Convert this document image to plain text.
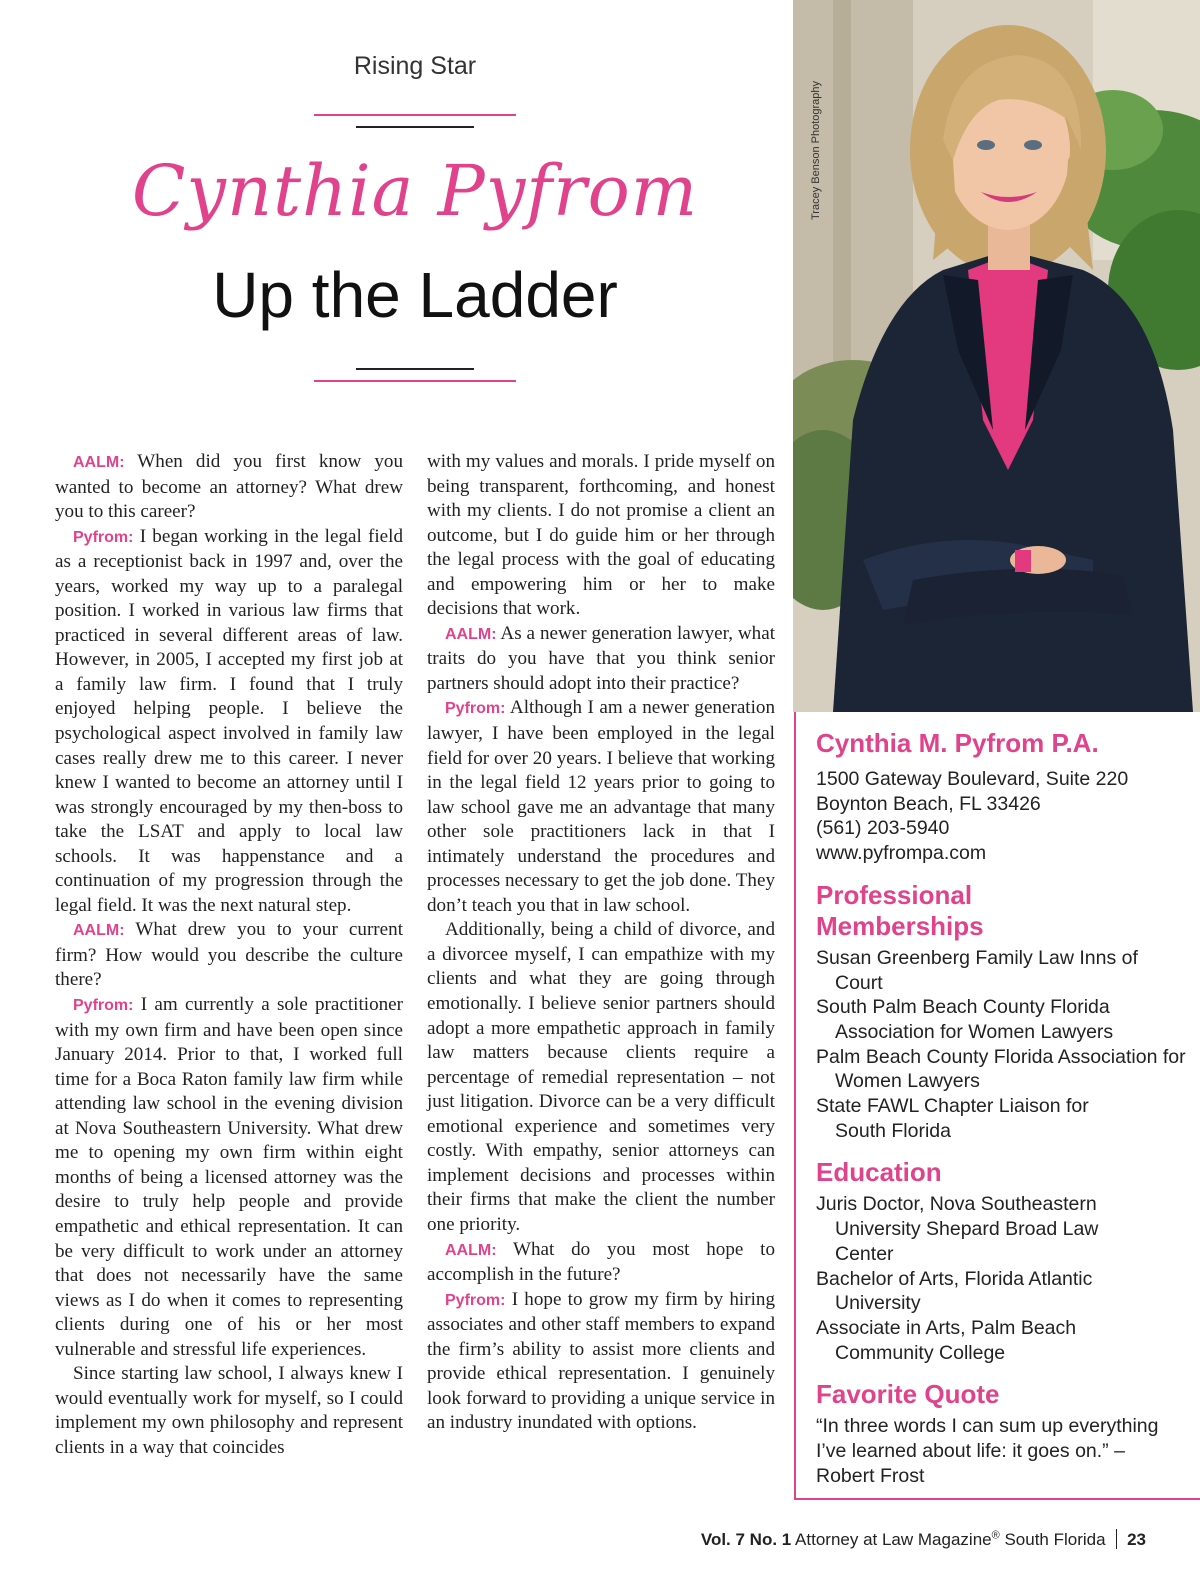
Rising Star
Cynthia Pyfrom
Up the Ladder

AALM: When did you first know you wanted to become an attorney? What drew you to this career?

Pyfrom: I began working in the legal field as a receptionist back in 1997 and, over the years, worked my way up to a paralegal position. I worked in various law firms that practiced in several different areas of law. However, in 2005, I accepted my first job at a family law firm. I found that I truly enjoyed helping people. I believe the psychological aspect involved in family law cases really drew me to this career. I never knew I wanted to become an attorney until I was strongly encouraged by my then-boss to take the LSAT and apply to local law schools. It was happenstance and a continuation of my progression through the legal field. It was the next natural step.

AALM: What drew you to your current firm? How would you describe the culture there?

Pyfrom: I am currently a sole practitioner with my own firm and have been open since January 2014. Prior to that, I worked full time for a Boca Raton family law firm while attending law school in the evening division at Nova Southeastern University. What drew me to opening my own firm within eight months of being a licensed attorney was the desire to truly help people and provide empathetic and ethical representation. It can be very difficult to work under an attorney that does not necessarily have the same views as I do when it comes to representing clients during one of his or her most vulnerable and stressful life experiences.

Since starting law school, I always knew I would eventually work for myself, so I could implement my own philosophy and represent clients in a way that coincides

with my values and morals. I pride myself on being transparent, forthcoming, and honest with my clients. I do not promise a client an outcome, but I do guide him or her through the legal process with the goal of educating and empowering him or her to make decisions that work.

AALM: As a newer generation lawyer, what traits do you have that you think senior partners should adopt into their practice?

Pyfrom: Although I am a newer generation lawyer, I have been employed in the legal field for over 20 years. I believe that working in the legal field 12 years prior to going to law school gave me an advantage that many other sole practitioners lack in that I intimately understand the procedures and processes necessary to get the job done. They don’t teach you that in law school.

Additionally, being a child of divorce, and a divorcee myself, I can empathize with my clients and what they are going through emotionally. I believe senior partners should adopt a more empathetic approach in family law matters because clients require a percentage of remedial representation – not just litigation. Divorce can be a very difficult emotional experience and sometimes very costly. With empathy, senior attorneys can implement decisions and processes within their firms that make the client the number one priority.

AALM: What do you most hope to accomplish in the future?

Pyfrom: I hope to grow my firm by hiring associates and other staff members to expand the firm’s ability to assist more clients and provide ethical representation. I genuinely look forward to providing a unique service in an industry inundated with options.

Tracey Benson Photography
Cynthia M. Pyfrom P.A.

1500 Gateway Boulevard, Suite 220

Boynton Beach, FL 33426

(561) 203-5940

www.pyfrompa.com

Professional Memberships

Susan Greenberg Family Law Inns of Court

South Palm Beach County Florida Association for Women Lawyers

Palm Beach County Florida Association for Women Lawyers

State FAWL Chapter Liaison for South Florida

Education

Juris Doctor, Nova Southeastern University Shepard Broad Law Center

Bachelor of Arts, Florida Atlantic University

Associate in Arts, Palm Beach Community College

Favorite Quote

“In three words I can sum up everything I’ve learned about life: it goes on.” – Robert Frost

Vol. 7 No. 1 Attorney at Law Magazine® South Florida 23
